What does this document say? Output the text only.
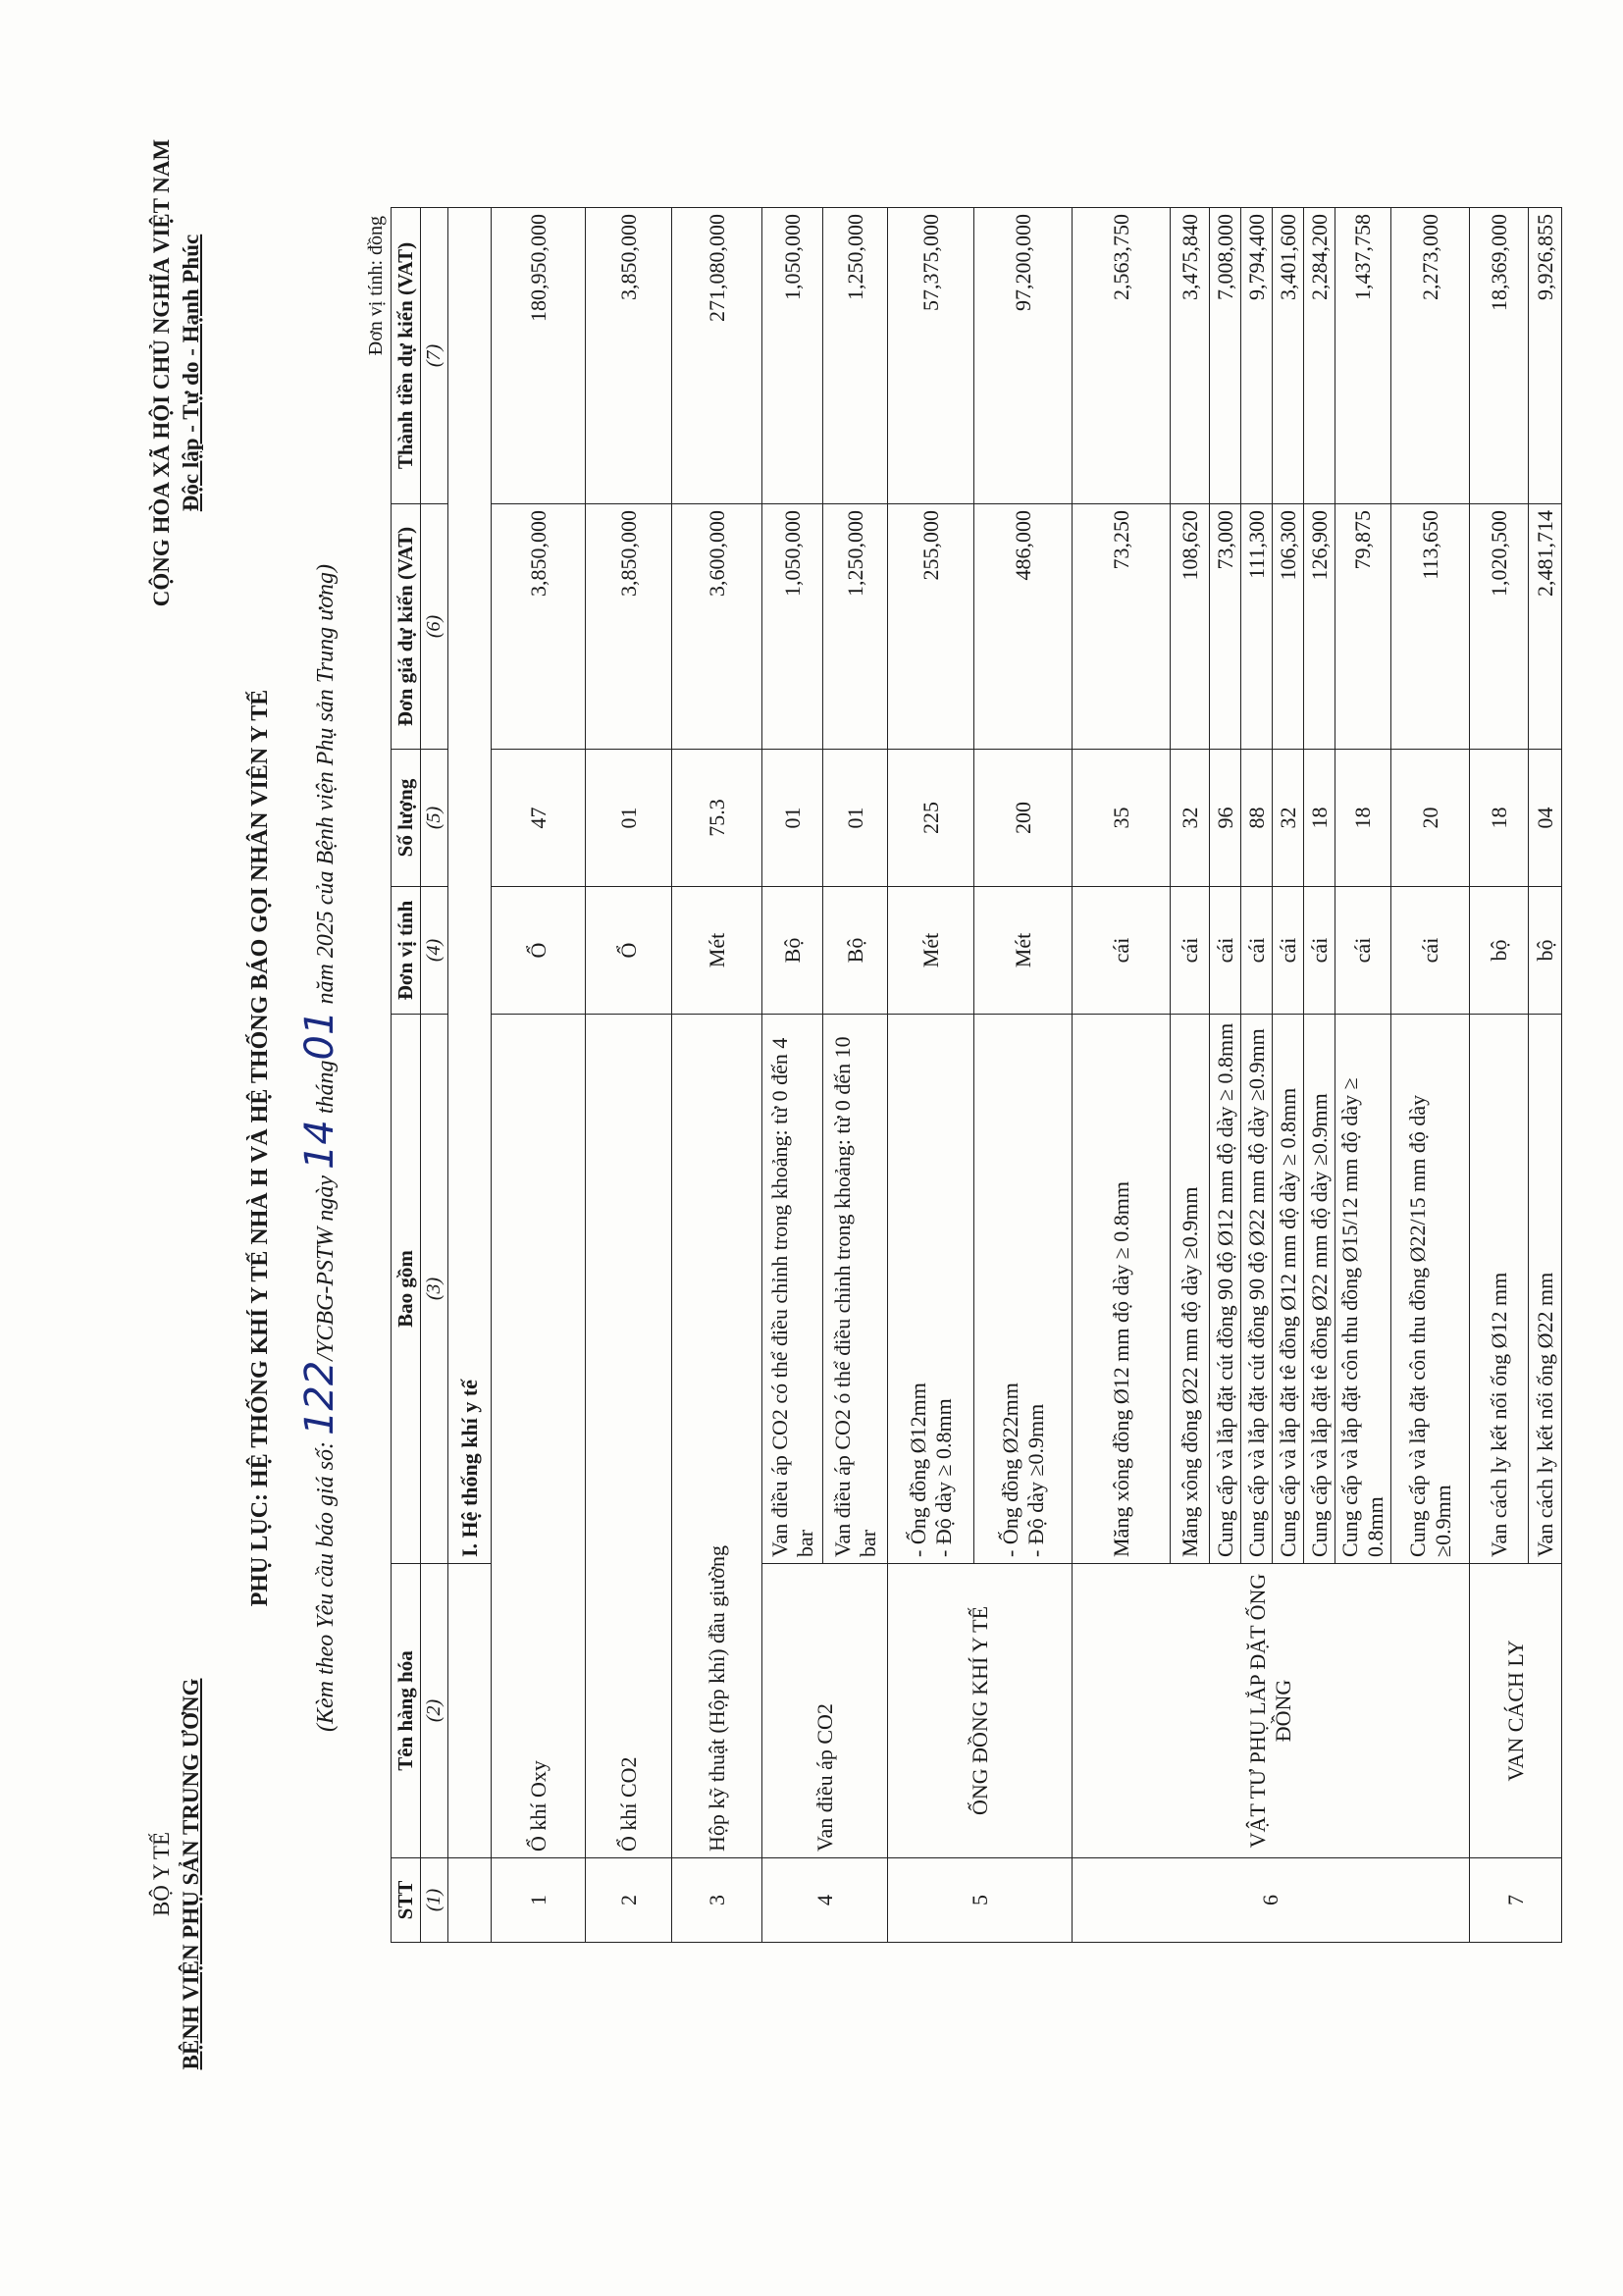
BỘ Y TẾ BỆNH VIỆN PHỤ SẢN TRUNG ƯƠNG
CỘNG HÒA XÃ HỘI CHỦ NGHĨA VIỆT NAM Độc lập - Tự do - Hạnh Phúc
PHỤ LỤC: HỆ THỐNG KHÍ Y TẾ NHÀ H VÀ HỆ THỐNG BÁO GỌI NHÂN VIÊN Y TẾ	(Kèm theo Yêu cầu báo giá số: 122/YCBG-PSTW ngày 14 tháng01 năm 2025 của Bệnh viện Phụ sản Trung ương)
Đơn vị tính: đồng
STT	Tên hàng hóa	Bao gồm	Đơn vị tính	Số lượng	Đơn giá dự kiến (VAT)	Thành tiền dự kiến (VAT)
(1)	(2)	(3)	(4)	(5)	(6)	(7)
		I. Hệ thống khí y tế				
1	Ổ khí Oxy		Ổ	47	3,850,000	180,950,000
2	Ổ khí CO2		Ổ	01	3,850,000	3,850,000
3	Hộp kỹ thuật (Hộp khí) đầu giường		Mét	75.3	3,600,000	271,080,000
4	Van điều áp CO2	Van điều áp CO2 có thể điều chỉnh trong khoảng: từ 0 đến 4 bar	Bộ	01	1,050,000	1,050,000
		Van điều áp CO2 ó thể điều chỉnh trong khoảng: từ 0 đến 10 bar	Bộ	01	1,250,000	1,250,000
5	ỐNG ĐỒNG KHÍ Y TẾ	- Ống đồng Ø12mm - Độ dày ≥ 0.8mm	Mét	225	255,000	57,375,000

		- Ống đồng Ø22mm - Độ dày ≥0.9mm	Mét	200	486,000	97,200,000
6	VẬT TƯ PHỤ LẮP ĐẶT ỐNG ĐỒNG	Măng xông đồng Ø12 mm độ dày ≥ 0.8mm	cái	35	73,250	2,563,750
		Măng xông đồng Ø22 mm độ dày ≥0.9mm	cái	32	108,620	3,475,840
		Cung cấp và lắp đặt cút đồng 90 độ Ø12 mm độ dày ≥ 0.8mm	cái	96	73,000	7,008,000
		Cung cấp và lắp đặt cút đồng 90 độ Ø22 mm độ dày ≥0.9mm	cái	88	111,300	9,794,400
		Cung cấp và lắp đặt tê đồng Ø12 mm độ dày ≥ 0.8mm	cái	32	106,300	3,401,600
		Cung cấp và lắp đặt tê đồng Ø22 mm độ dày ≥0.9mm	cái	18	126,900	2,284,200
		Cung cấp và lắp đặt côn thu đồng Ø15/12 mm độ dày ≥ 0.8mm	cái	18	79,875	1,437,758
		Cung cấp và lắp đặt côn thu đồng Ø22/15 mm độ dày ≥0.9mm	cái	20	113,650	2,273,000
7	VAN CÁCH LY	Van cách ly kết nối ống Ø12 mm	bộ	18	1,020,500	18,369,000
		Van cách ly kết nối ống Ø22 mm	bộ	04	2,481,714	9,926,855
